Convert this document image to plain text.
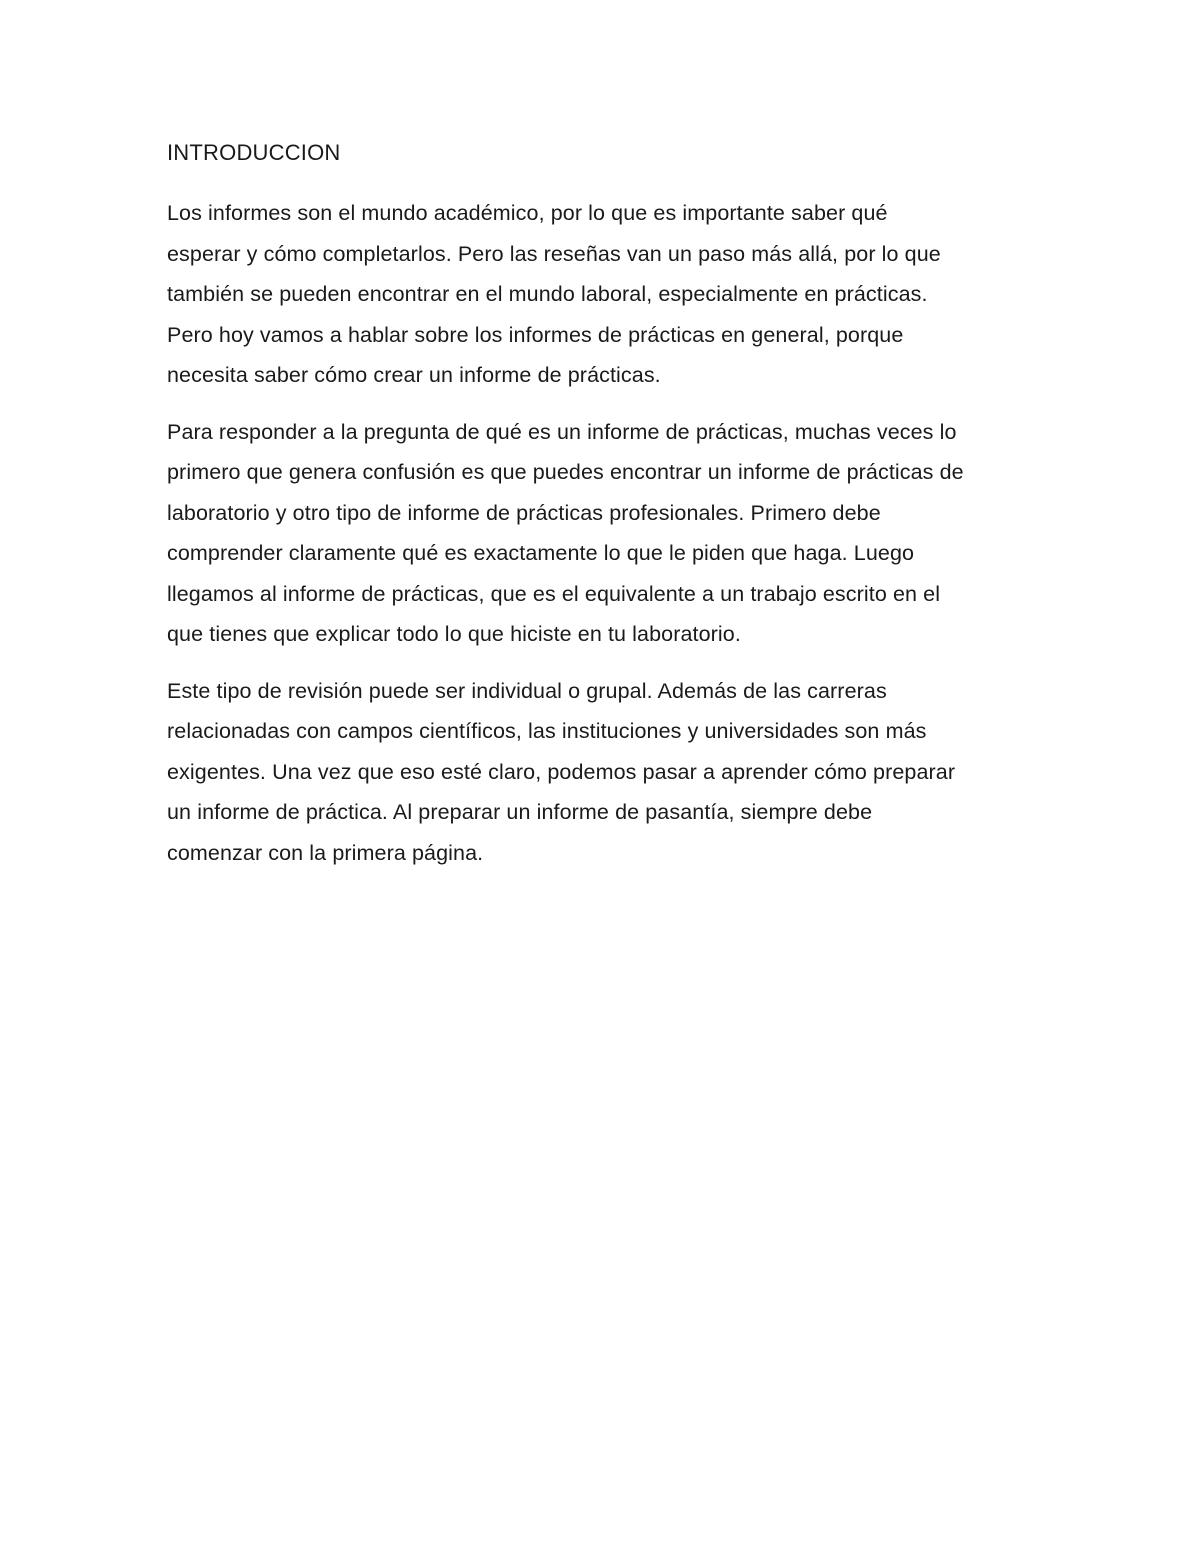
INTRODUCCION

Los informes son el mundo académico, por lo que es importante saber qué
esperar y cómo completarlos. Pero las reseñas van un paso más allá, por lo que
también se pueden encontrar en el mundo laboral, especialmente en prácticas.
Pero hoy vamos a hablar sobre los informes de prácticas en general, porque
necesita saber cómo crear un informe de prácticas.

Para responder a la pregunta de qué es un informe de prácticas, muchas veces lo
primero que genera confusión es que puedes encontrar un informe de prácticas de
laboratorio y otro tipo de informe de prácticas profesionales. Primero debe
comprender claramente qué es exactamente lo que le piden que haga. Luego
llegamos al informe de prácticas, que es el equivalente a un trabajo escrito en el
que tienes que explicar todo lo que hiciste en tu laboratorio.

Este tipo de revisión puede ser individual o grupal. Además de las carreras
relacionadas con campos científicos, las instituciones y universidades son más
exigentes. Una vez que eso esté claro, podemos pasar a aprender cómo preparar
un informe de práctica. Al preparar un informe de pasantía, siempre debe
comenzar con la primera página.
